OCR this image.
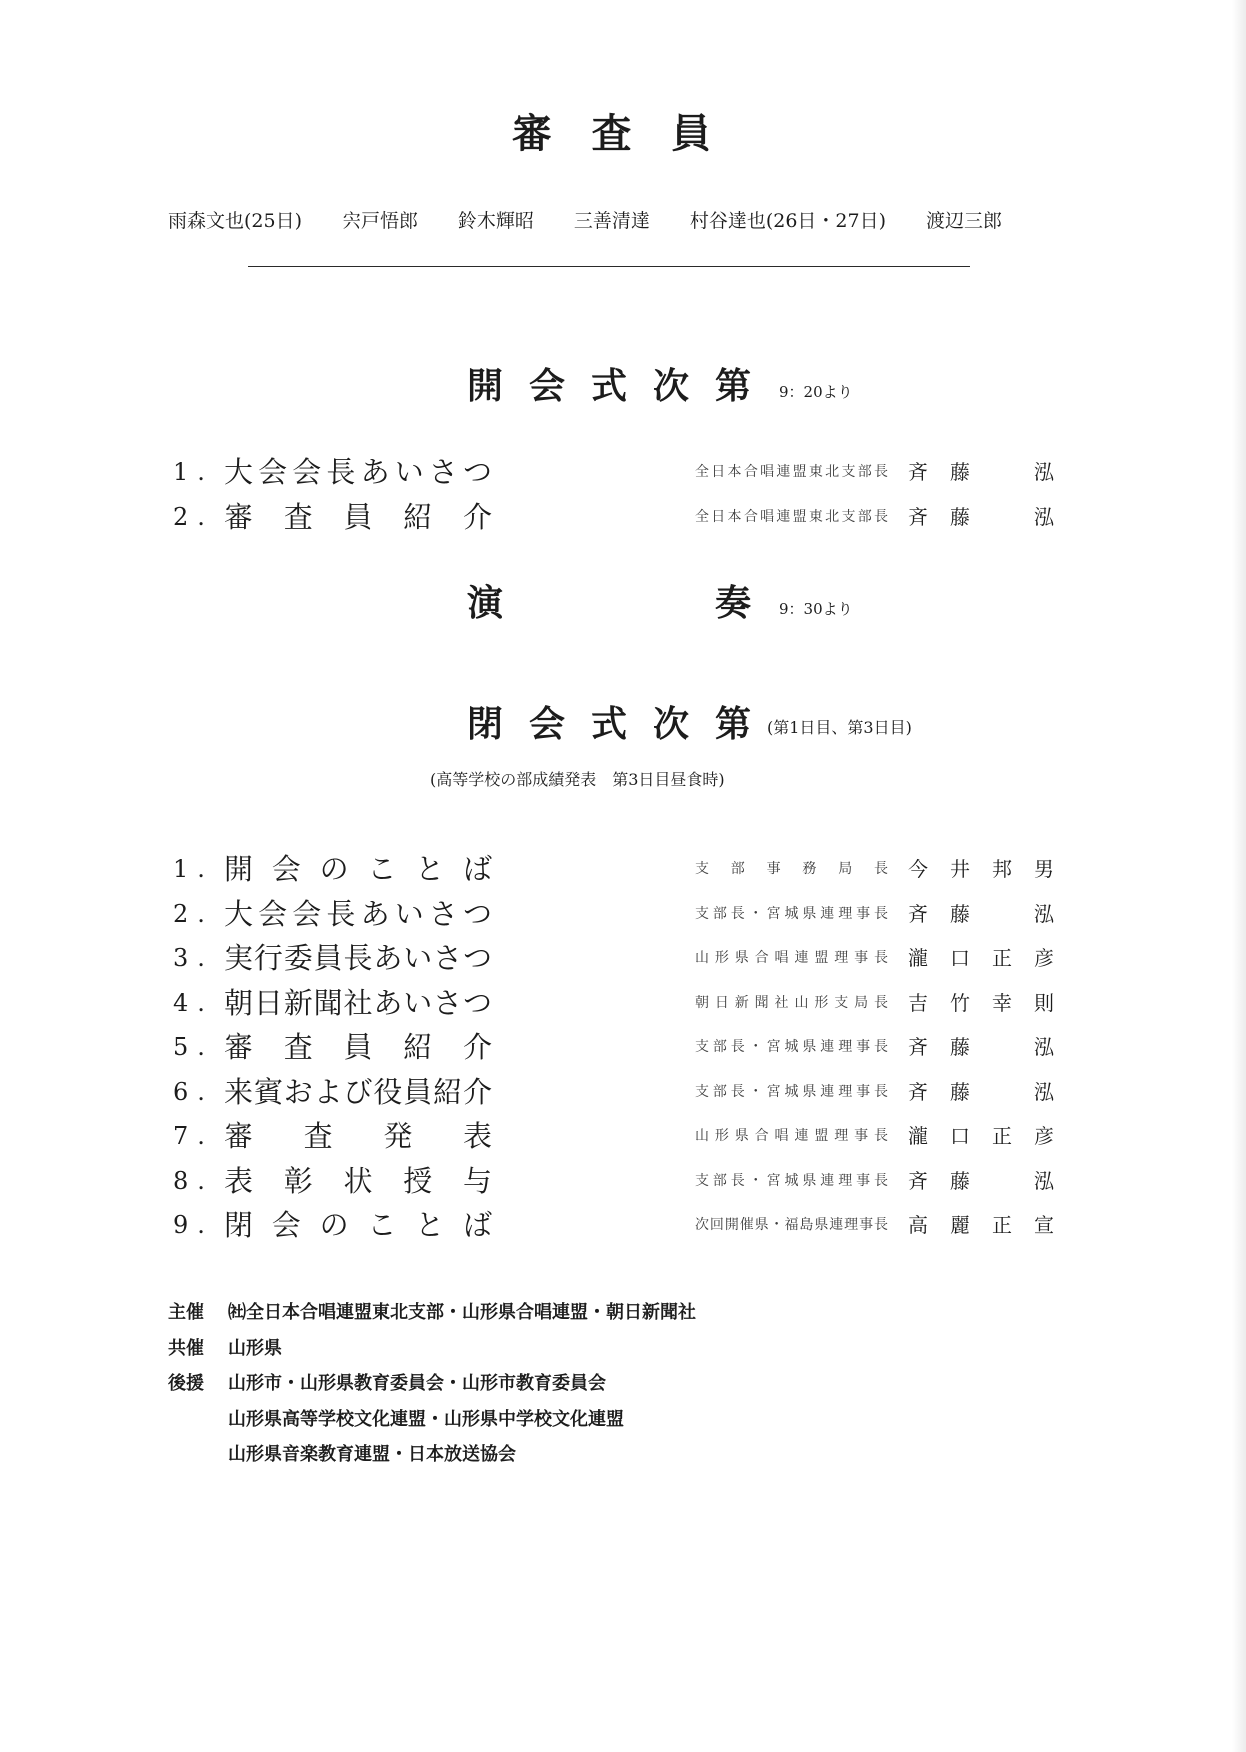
審査員
雨森文也(25日) 宍戸悟郎 鈴木輝昭 三善清達 村谷達也(26日・27日) 渡辺三郎
開会式次第 9：20より
1. 大会会長あいさつ	全日本合唱連盟東北支部長 斉藤　泓
2. 審査員紹介	全日本合唱連盟東北支部長 斉藤　泓
演奏 9：30より
閉会式次第 (第1日目、第3日目)
(高等学校の部成績発表　第3日目昼食時)
1. 開会のことば	支部事務局長 今井邦男
2. 大会会長あいさつ	支部長・宮城県連理事長 斉藤　泓
3. 実行委員長あいさつ	山形県合唱連盟理事長 瀧口正彦
4. 朝日新聞社あいさつ	朝日新聞社山形支局長 吉竹幸則
5. 審査員紹介	支部長・宮城県連理事長 斉藤　泓
6. 来賓および役員紹介	支部長・宮城県連理事長 斉藤　泓
7. 審査発表	山形県合唱連盟理事長 瀧口正彦
8. 表彰状授与	支部長・宮城県連理事長 斉藤　泓
9. 閉会のことば	次回開催県・福島県連理事長 高麗正宣
主催 ㈳全日本合唱連盟東北支部・山形県合唱連盟・朝日新聞社
共催 山形県
後援 山形市・山形県教育委員会・山形市教育委員会
山形県高等学校文化連盟・山形県中学校文化連盟
山形県音楽教育連盟・日本放送協会
